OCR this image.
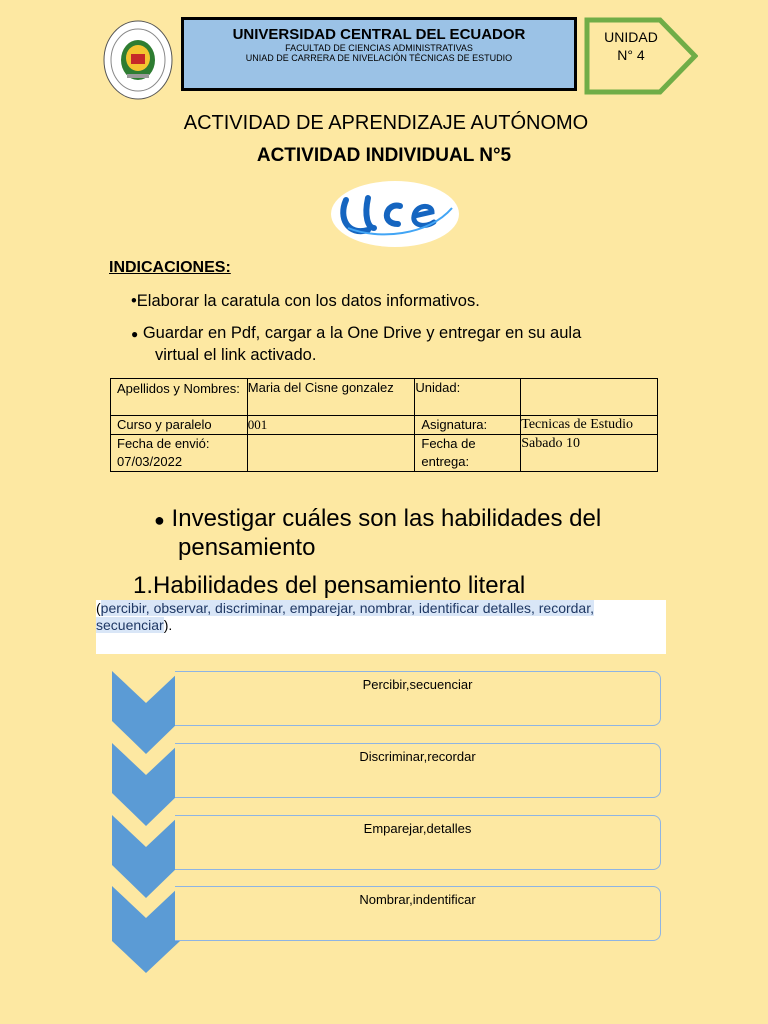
UNIVERSIDAD CENTRAL DEL ECUADOR
FACULTAD DE CIENCIAS ADMINISTRATIVAS
UNIAD DE CARRERA DE NIVELACIÓN TÉCNICAS DE ESTUDIO
UNIDAD
N° 4
ACTIVIDAD DE APRENDIZAJE AUTÓNOMO
ACTIVIDAD INDIVIDUAL N°5
INDICACIONES:
•Elaborar la caratula con los datos informativos.
● Guardar en Pdf, cargar a la One Drive y entregar en su aula
virtual el link activado.
Apellidos y Nombres:	Maria del Cisne gonzalez	Unidad:	
Curso y paralelo	001	Asignatura:	Tecnicas de Estudio
Fecha de envió: 07/03/2022		Fecha de entrega:	Sabado 10
● Investigar cuáles son las habilidades del
pensamiento
1.Habilidades del pensamiento literal
(percibir, observar, discriminar, emparejar, nombrar, identificar detalles, recordar, secuenciar).
Percibir,secuenciar
Discriminar,recordar
Emparejar,detalles
Nombrar,indentificar
